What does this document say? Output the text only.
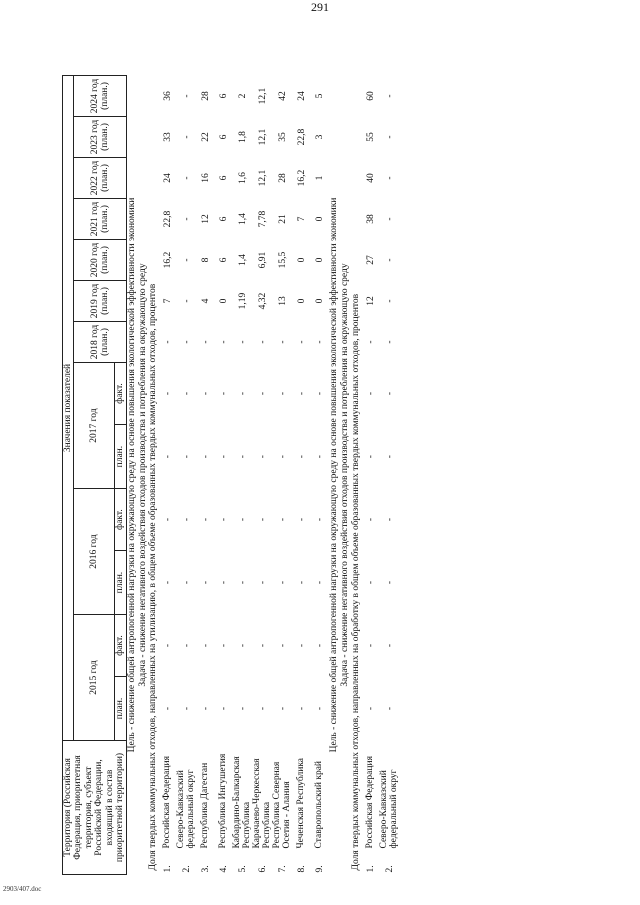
291
Территория (Российская Федерация, приоритетная территория, субъект Российской Федерации, входящий в состав приоритетной территории)		Значения показателей												
		2015 год		2016 год		2017 год		2018 год (план.)	2019 год (план.)	2020 год (план.)	2021 год (план.)	2022 год (план.)	2023 год (план.)	2024 год (план.)
		план.	факт.	план.	факт.	план.	факт.							
Цель - снижение общей антропогенной нагрузки на окружающую среду на основе повышения экологической эффективности экономики														
Задача - снижение негативного воздействия отходов производства и потребления на окружающую среду														
Доля твердых коммунальных отходов, направленных на утилизацию, в общем объеме образованных твердых коммунальных отходов, процентов														
1.	Российская Федерация	-	-	-	-	-	-	-	7	16,2	22,8	24	33	36
2.	Северо-Кавказский федеральный округ	-	-	-	-	-	-	-	-	-	-	-	-	-
3.	Республика Дагестан	-	-	-	-	-	-	-	4	8	12	16	22	28
4.	Республика Ингушетия	-	-	-	-	-	-	-	0	6	6	6	6	6
5.	Кабардино-Балкарская Республика	-	-	-	-	-	-	-	1,19	1,4	1,4	1,6	1,8	2
6.	Карачаево-Черкесская Республика	-	-	-	-	-	-	-	4,32	6,91	7,78	12,1	12,1	12,1
7.	Республика Северная Осетия - Алания	-	-	-	-	-	-	-	13	15,5	21	28	35	42
8.	Чеченская Республика	-	-	-	-	-	-	-	0	0	7	16,2	22,8	24
9.	Ставропольский край	-	-	-	-	-	-	-	0	0	0	1	3	5
Цель - снижение общей антропогенной нагрузки на окружающую среду на основе повышения экологической эффективности экономики														
Задача - снижение негативного воздействия отходов производства и потребления на окружающую среду														
Доля твердых коммунальных отходов, направленных на обработку в общем объеме образованных твердых коммунальных отходов, процентов														
1.	Российская Федерация	-	-	-	-	-	-	-	12	27	38	40	55	60
2.	Северо-Кавказский федеральный округ	-	-	-	-	-	-	-	-	-	-	-	-	-
2903/407.doc
